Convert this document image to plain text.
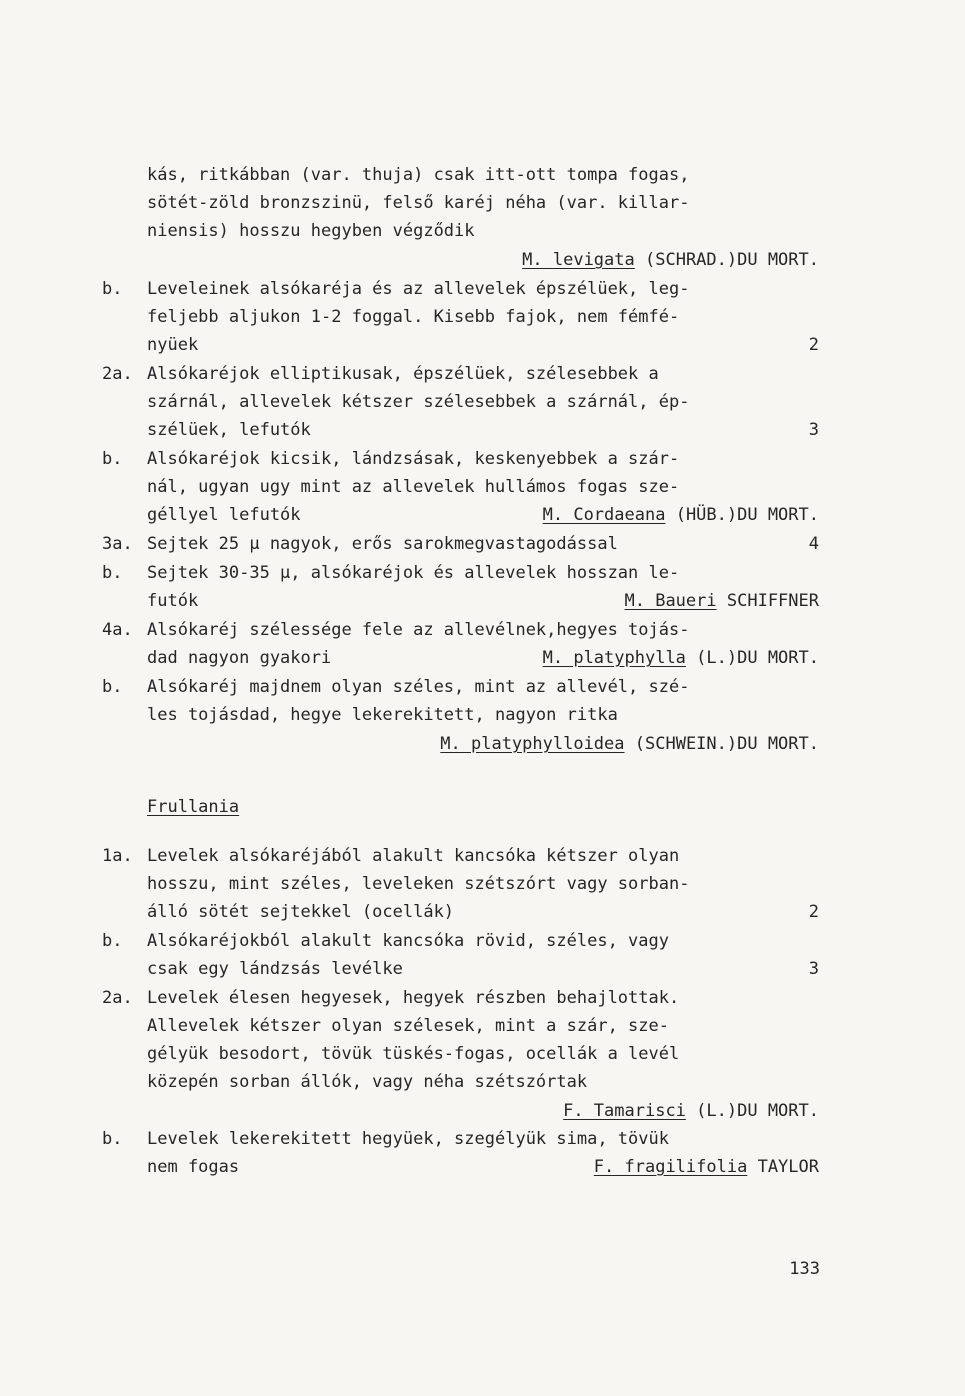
kás, ritkábban (var. thuja) csak itt-ott tompa fogas,
sötét-zöld bronzszinü, felső karéj néha (var. killar-
niensis) hosszu hegyben végződik
M. levigata (SCHRAD.)DU MORT.
b.	Leveleinek alsókaréja és az allevelek épszélüek, leg-
feljebb aljukon 1-2 foggal. Kisebb fajok, nem fémfé-
nyüek	2
2a. Alsókaréjok elliptikusak, épszélüek, szélesebbek a
szárnál, allevelek kétszer szélesebbek a szárnál, ép-
szélüek, lefutók	3
b.	Alsókaréjok kicsik, lándzsásak, keskenyebbek a szár-
nál, ugyan ugy mint az allevelek hullámos fogas sze-
géllyel lefutók	M. Cordaeana (HÜB.)DU MORT.
3a. Sejtek 25 μ nagyok, erős sarokmegvastagodással	4
b.	Sejtek 30-35 μ, alsókaréjok és allevelek hosszan le-
futók	M. Baueri SCHIFFNER
4a. Alsókaréj szélessége fele az allevélnek,hegyes tojás-
dad nagyon gyakori	M. platyphylla (L.)DU MORT.
b.	Alsókaréj majdnem olyan széles, mint az allevél, szé-
les tojásdad, hegye lekerekitett, nagyon ritka
M. platyphylloidea (SCHWEIN.)DU MORT.
Frullania
1a. Levelek alsókaréjából alakult kancsóka kétszer olyan
hosszu, mint széles, leveleken szétszórt vagy sorban-
álló sötét sejtekkel (ocellák)	2
b.	Alsókaréjokból alakult kancsóka rövid, széles, vagy
csak egy lándzsás levélke	3
2a. Levelek élesen hegyesek, hegyek részben behajlottak.
Allevelek kétszer olyan szélesek, mint a szár, sze-
gélyük besodort, tövük tüskés-fogas, ocellák a levél
közepén sorban állók, vagy néha szétszórtak
F. Tamarisci (L.)DU MORT.
b.	Levelek lekerekitett hegyüek, szegélyük sima, tövük
nem fogas	F. fragilifolia TAYLOR
133
